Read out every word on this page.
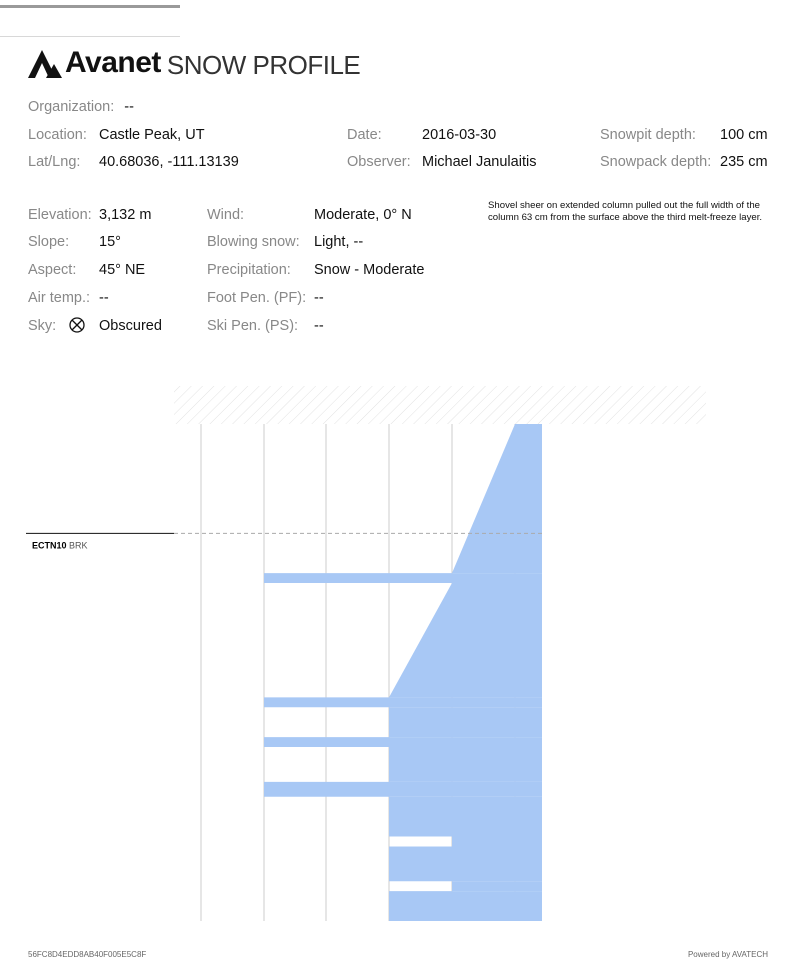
Avanet SNOW PROFILE
Organization: --
Location: Castle Peak, UT
Lat/Lng: 40.68036, -111.13139
Date:	2016-03-30
Observer: Michael Janulaitis
Snowpit depth: 100 cm
Snowpack depth: 235 cm
Elevation: 3,132 m
Slope: 15°
Aspect: 45° NE
Air temp.: --
Sky:	Obscured
Wind:	Moderate, 0° N
Blowing snow: Light, --
Precipitation: Snow - Moderate
Foot Pen. (PF): --
Ski Pen. (PS): --
Shovel sheer on extended column pulled out the full width of the column 63 cm from the surface above the third melt-freeze layer.
ECTN10 BRK
56FC8D4EDD8AB40F005E5C8F	Powered by AVATECH
